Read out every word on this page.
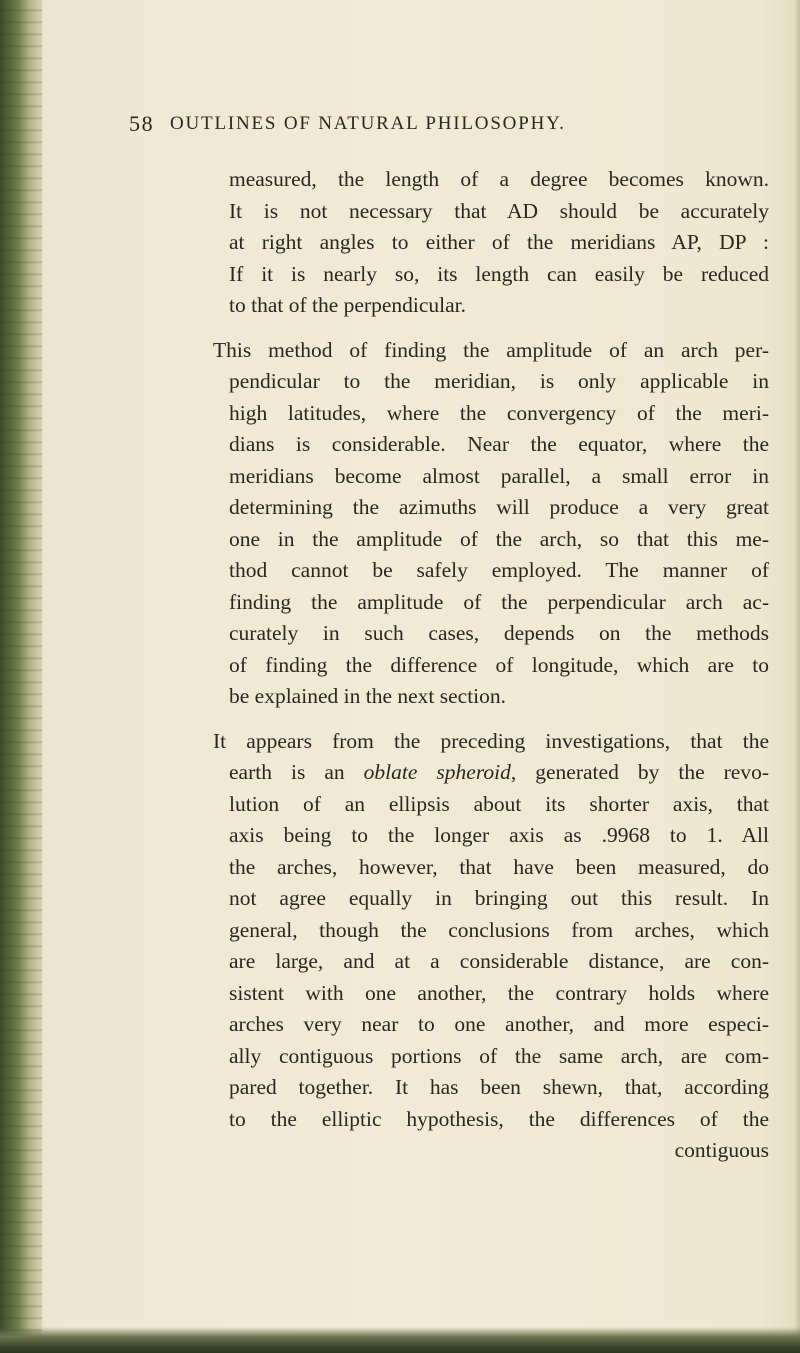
58 OUTLINES OF NATURAL PHILOSOPHY.
measured, the length of a degree becomes known.
It is not necessary that AD should be accurately
at right angles to either of the meridians AP, DP :
If it is nearly so, its length can easily be reduced
to that of the perpendicular.
This method of finding the amplitude of an arch per-
pendicular to the meridian, is only applicable in
high latitudes, where the convergency of the meri-
dians is considerable. Near the equator, where the
meridians become almost parallel, a small error in
determining the azimuths will produce a very great
one in the amplitude of the arch, so that this me-
thod cannot be safely employed. The manner of
finding the amplitude of the perpendicular arch ac-
curately in such cases, depends on the methods
of finding the difference of longitude, which are to
be explained in the next section.
It appears from the preceding investigations, that the
earth is an oblate spheroid, generated by the revo-
lution of an ellipsis about its shorter axis, that
axis being to the longer axis as .9968 to 1. All
the arches, however, that have been measured, do
not agree equally in bringing out this result. In
general, though the conclusions from arches, which
are large, and at a considerable distance, are con-
sistent with one another, the contrary holds where
arches very near to one another, and more especi-
ally contiguous portions of the same arch, are com-
pared together. It has been shewn, that, according
to the elliptic hypothesis, the differences of the
contiguous
